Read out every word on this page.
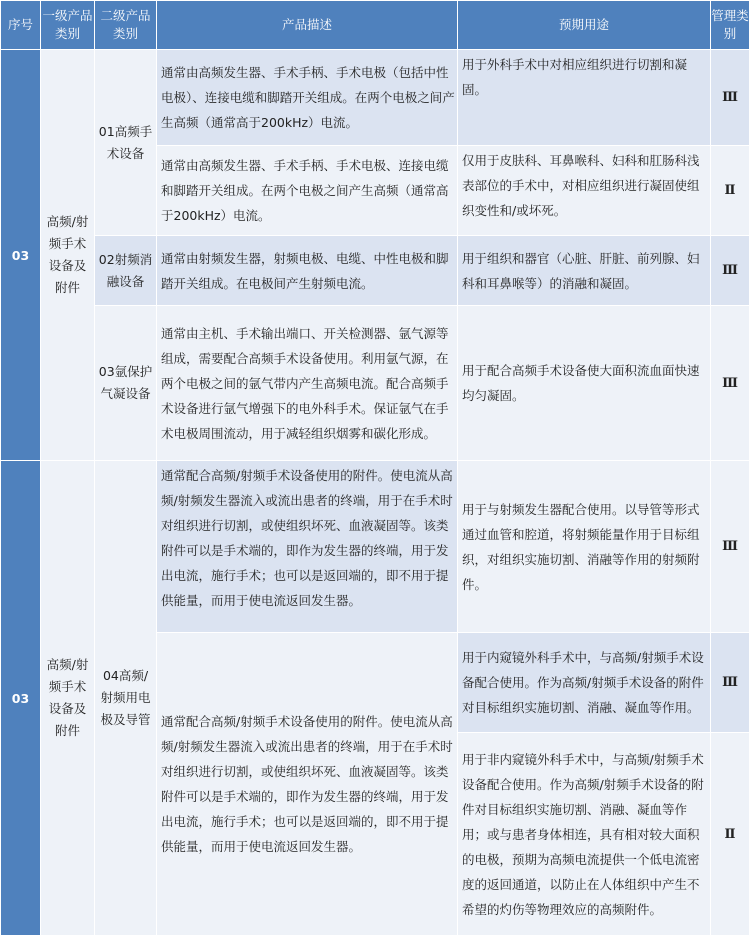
序号	一级产品类别	二级产品类别	产品描述	预期用途	管理类别
03	高频/射频手术设备及附件	01高频手术设备	通常由高频发生器、手术手柄、手术电极（包括中性电极）、连接电缆和脚踏开关组成。在两个电极之间产生高频（通常高于200kHz）电流。	用于外科手术中对相应组织进行切割和凝固。	Ⅲ
			通常由高频发生器、手术手柄、手术电极、连接电缆和脚踏开关组成。在两个电极之间产生高频（通常高于200kHz）电流。	仅用于皮肤科、耳鼻喉科、妇科和肛肠科浅表部位的手术中，对相应组织进行凝固使组织变性和/或坏死。	Ⅱ
		02射频消融设备	通常由射频发生器，射频电极、电缆、中性电极和脚踏开关组成。在电极间产生射频电流。	用于组织和器官（心脏、肝脏、前列腺、妇科和耳鼻喉等）的消融和凝固。	Ⅲ
		03氩保护气凝设备	通常由主机、手术输出端口、开关检测器、氩气源等组成，需要配合高频手术设备使用。利用氩气源，在两个电极之间的氩气带内产生高频电流。配合高频手术设备进行氩气增强下的电外科手术。保证氩气在手术电极周围流动，用于减轻组织烟雾和碳化形成。	用于配合高频手术设备使大面积流血面快速均匀凝固。	Ⅲ
03	高频/射频手术设备及附件	04高频/射频用电极及导管	通常配合高频/射频手术设备使用的附件。使电流从高频/射频发生器流入或流出患者的终端，用于在手术时对组织进行切割，或使组织坏死、血液凝固等。该类附件可以是手术端的，即作为发生器的终端，用于发出电流，施行手术；也可以是返回端的，即不用于提供能量，而用于使电流返回发生器。	用于与射频发生器配合使用。以导管等形式通过血管和腔道，将射频能量作用于目标组织，对组织实施切割、消融等作用的射频附件。	Ⅲ
			通常配合高频/射频手术设备使用的附件。使电流从高频/射频发生器流入或流出患者的终端，用于在手术时对组织进行切割，或使组织坏死、血液凝固等。该类附件可以是手术端的，即作为发生器的终端，用于发出电流，施行手术；也可以是返回端的，即不用于提供能量，而用于使电流返回发生器。	用于内窥镜外科手术中，与高频/射频手术设备配合使用。作为高频/射频手术设备的附件对目标组织实施切割、消融、凝血等作用。	Ⅲ
				用于非内窥镜外科手术中，与高频/射频手术设备配合使用。作为高频/射频手术设备的附件对目标组织实施切割、消融、凝血等作用；或与患者身体相连，具有相对较大面积的电极，预期为高频电流提供一个低电流密度的返回通道，以防止在人体组织中产生不希望的灼伤等物理效应的高频附件。	Ⅱ
